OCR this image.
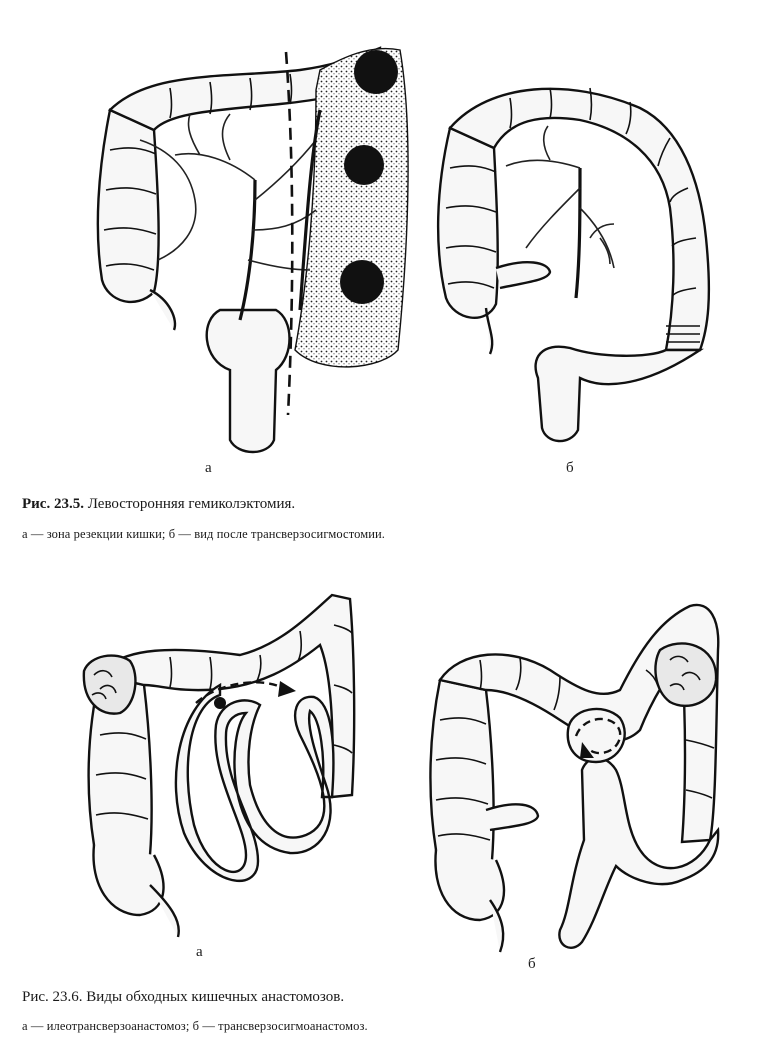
а	б
Рис. 23.5. Левосторонняя гемиколэктомия.
а — зона резекции кишки; б — вид после трансверзосигмостомии.
а
б
Рис. 23.6. Виды обходных кишечных анастомозов.
а — илеотрансверзоанастомоз; б — трансверзосигмоанастомоз.
